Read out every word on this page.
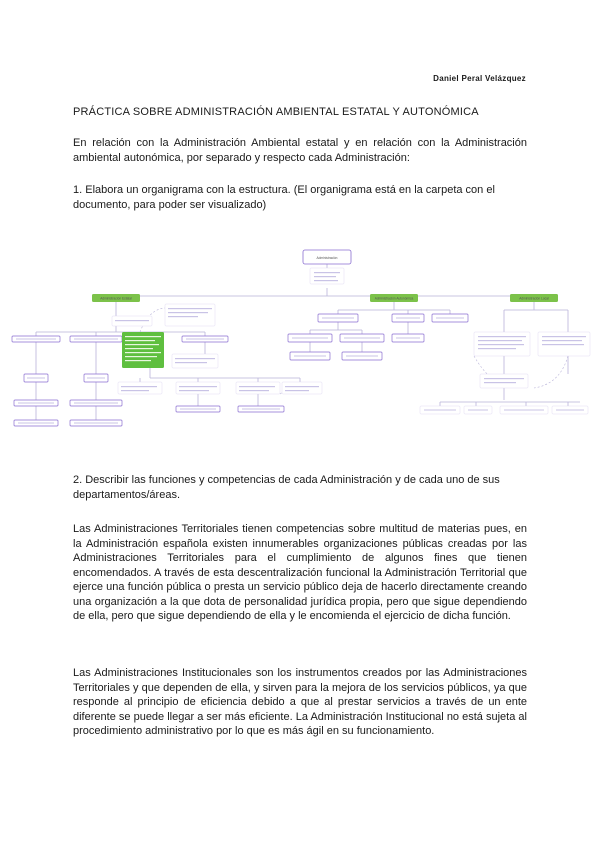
Daniel Peral Velázquez
PRÁCTICA SOBRE ADMINISTRACIÓN AMBIENTAL ESTATAL Y AUTONÓMICA

En relación con la Administración Ambiental estatal y en relación con la Administración ambiental autonómica, por separado y respecto cada Administración:

1. Elabora un organigrama con la estructura. (El organigrama está en la carpeta con el documento, para poder ser visualizado)

Administración
Administración Estatal	Administración Autonómica	Administración Local

2. Describir las funciones y competencias de cada Administración y de cada uno de sus departamentos/áreas.

Las Administraciones Territoriales tienen competencias sobre multitud de materias pues, en la Administración española existen innumerables organizaciones públicas creadas por las Administraciones Territoriales para el cumplimiento de algunos fines que tienen encomendados. A través de esta descentralización funcional la Administración Territorial que ejerce una función pública o presta un servicio público deja de hacerlo directamente creando una organización a la que dota de personalidad jurídica propia, pero que sigue dependiendo de ella, pero que sigue dependiendo de ella y le encomienda el ejercicio de dicha función.

Las Administraciones Institucionales son los instrumentos creados por las Administraciones Territoriales y que dependen de ella, y sirven para la mejora de los servicios públicos, ya que responde al principio de eficiencia debido a que al prestar servicios a través de un ente diferente se puede llegar a ser más eficiente. La Administración Institucional no está sujeta al procedimiento administrativo por lo que es más ágil en su funcionamiento.
